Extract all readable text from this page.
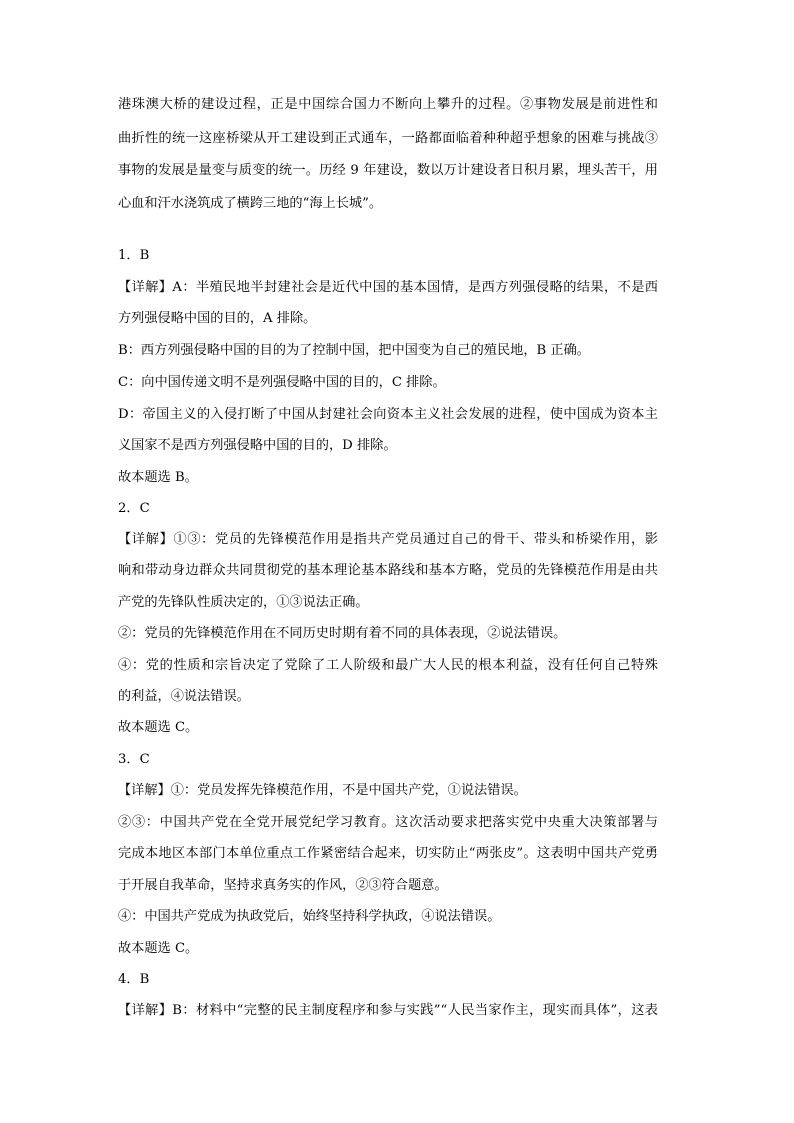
港珠澳大桥的建设过程，正是中国综合国力不断向上攀升的过程。②事物发展是前进性和
曲折性的统一这座桥梁从开工建设到正式通车，一路都面临着种种超乎想象的困难与挑战③
事物的发展是量变与质变的统一。历经 9 年建设，数以万计建设者日积月累，埋头苦干，用
心血和汗水浇筑成了横跨三地的“海上长城”。
1．B
【详解】A：半殖民地半封建社会是近代中国的基本国情，是西方列强侵略的结果，不是西
方列强侵略中国的目的，A 排除。
B：西方列强侵略中国的目的为了控制中国，把中国变为自己的殖民地，B 正确。
C：向中国传递文明不是列强侵略中国的目的，C 排除。
D：帝国主义的入侵打断了中国从封建社会向资本主义社会发展的进程，使中国成为资本主
义国家不是西方列强侵略中国的目的，D 排除。
故本题选 B。
2．C
【详解】①③：党员的先锋模范作用是指共产党员通过自己的骨干、带头和桥梁作用，影
响和带动身边群众共同贯彻党的基本理论基本路线和基本方略，党员的先锋模范作用是由共
产党的先锋队性质决定的，①③说法正确。
②：党员的先锋模范作用在不同历史时期有着不同的具体表现，②说法错误。
④：党的性质和宗旨决定了党除了工人阶级和最广大人民的根本利益，没有任何自己特殊
的利益，④说法错误。
故本题选 C。
3．C
【详解】①：党员发挥先锋模范作用，不是中国共产党，①说法错误。
②③：中国共产党在全党开展党纪学习教育。这次活动要求把落实党中央重大决策部署与
完成本地区本部门本单位重点工作紧密结合起来，切实防止“两张皮”。这表明中国共产党勇
于开展自我革命，坚持求真务实的作风，②③符合题意。
④：中国共产党成为执政党后，始终坚持科学执政，④说法错误。
故本题选 C。
4．B
【详解】B：材料中“完整的民主制度程序和参与实践”“人民当家作主，现实而具体”，这表
